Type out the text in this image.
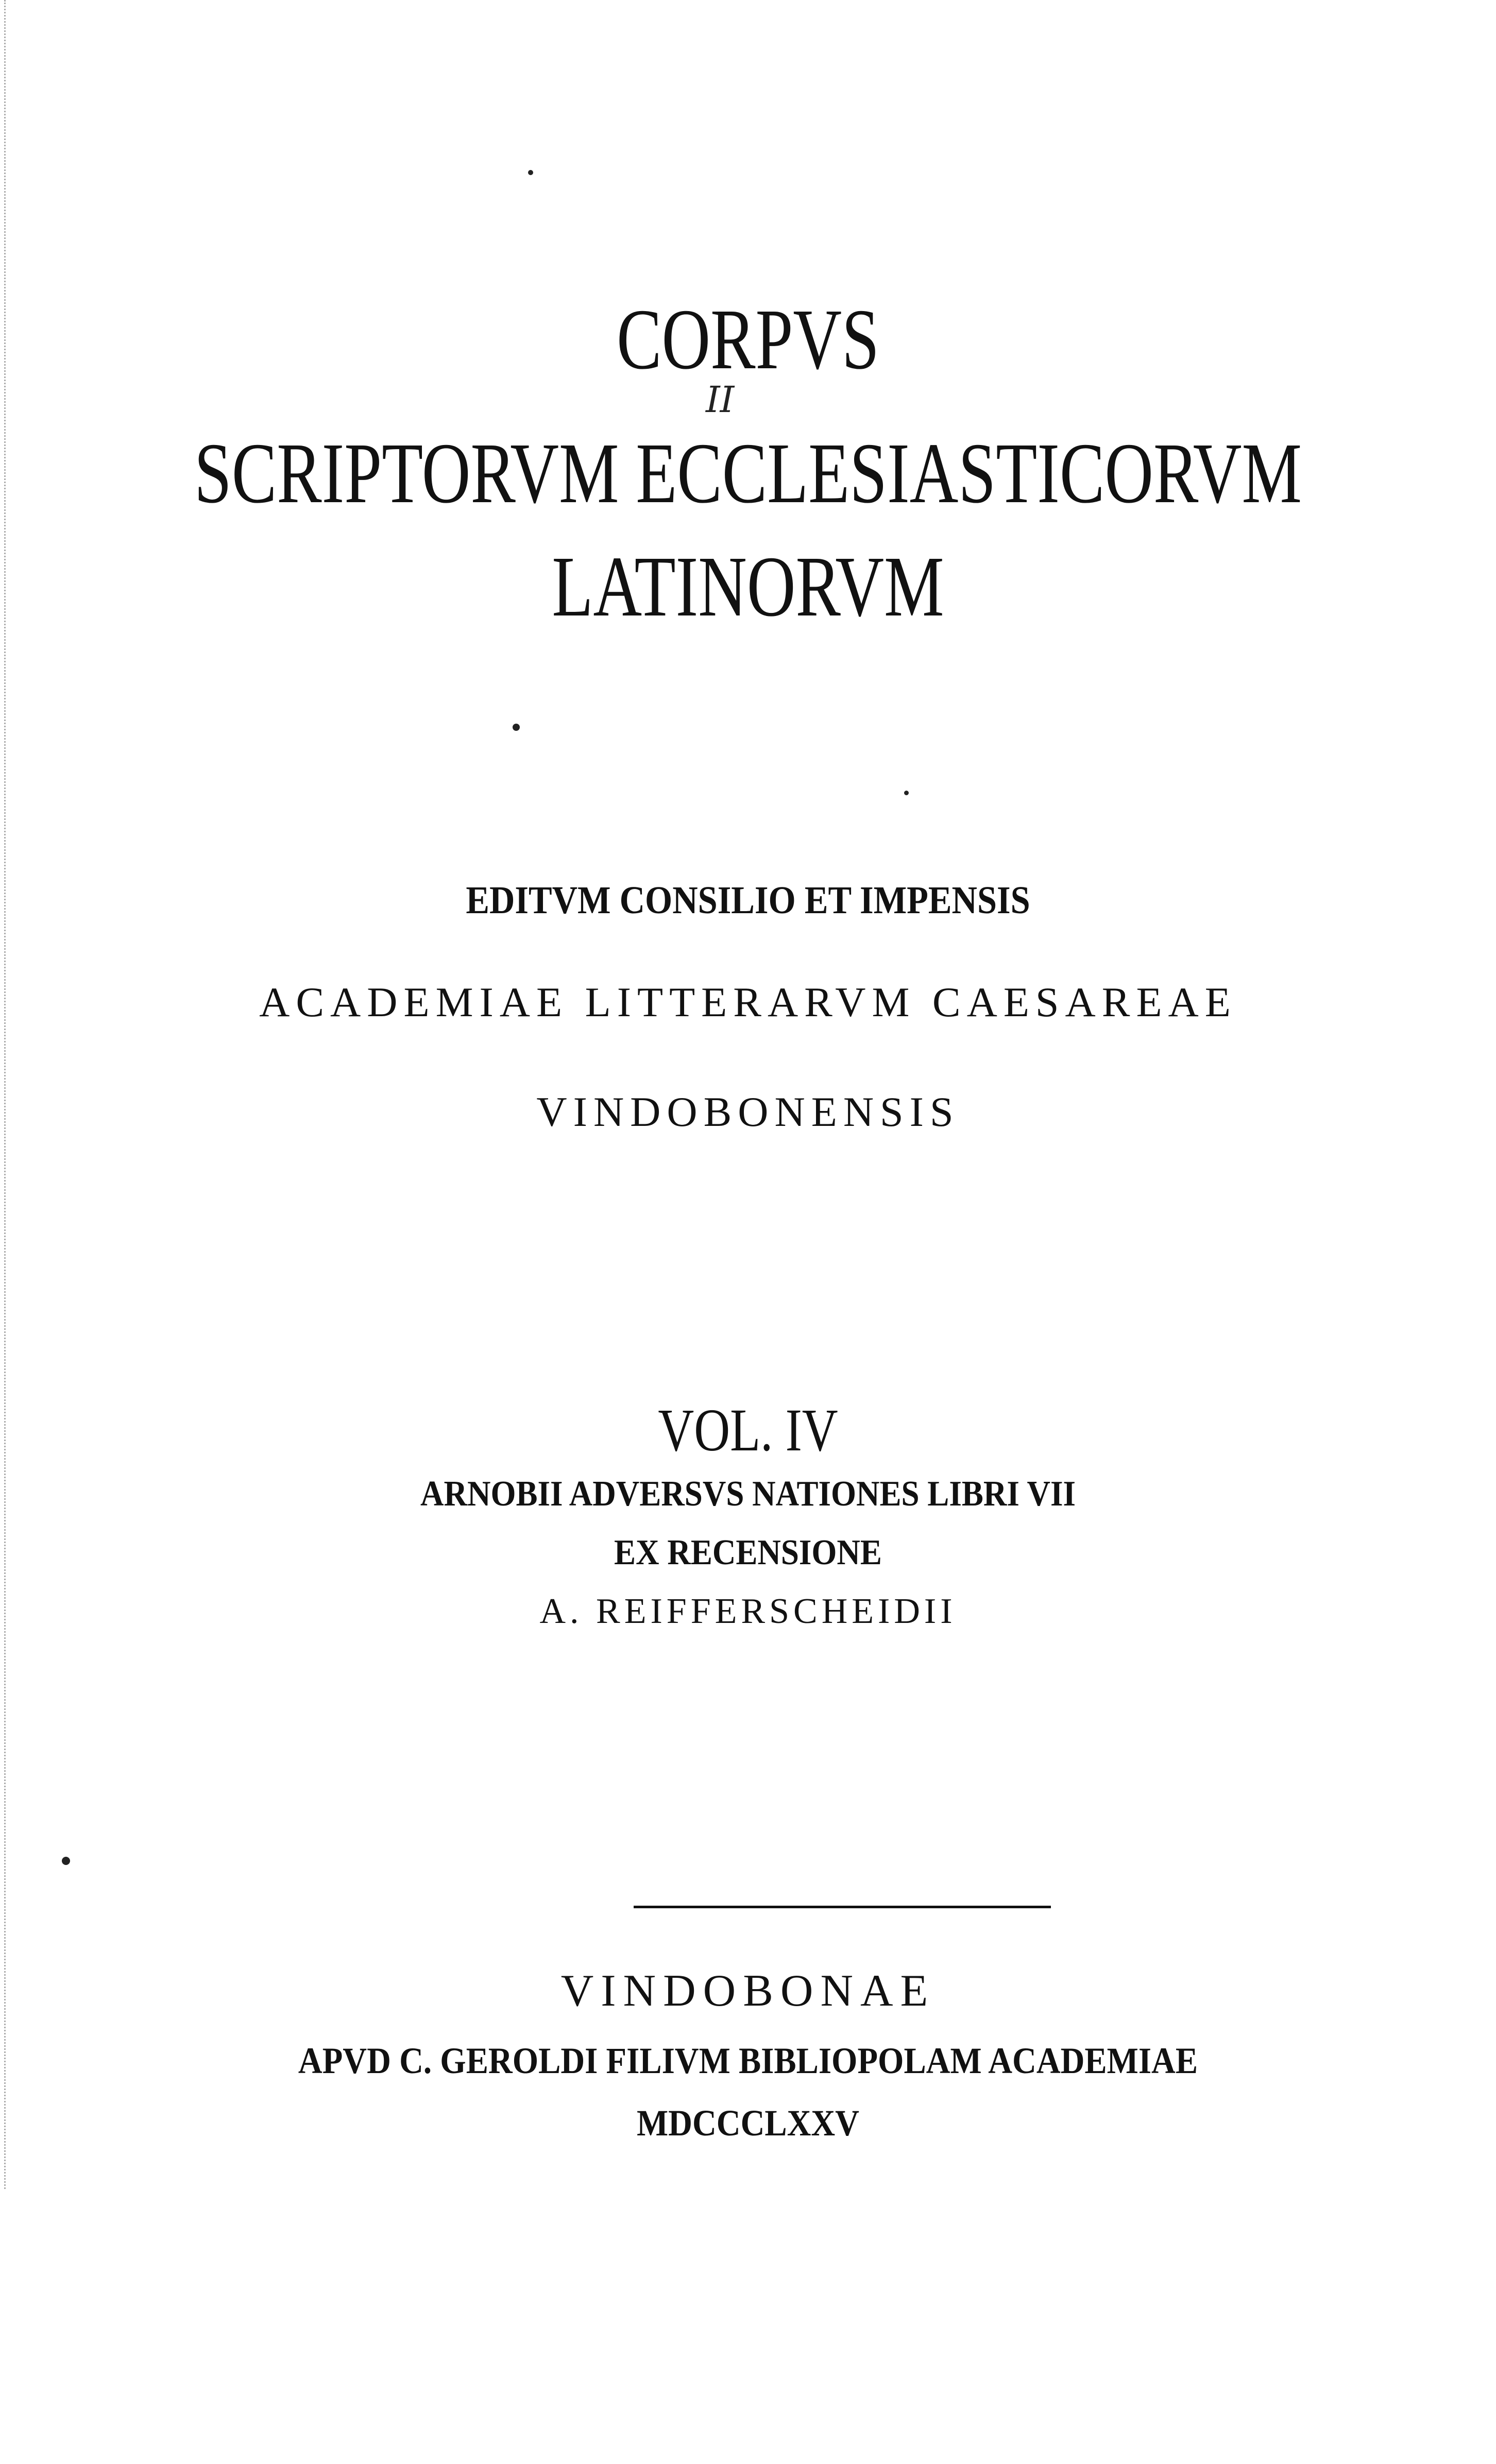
CORPVS
II
SCRIPTORVM ECCLESIASTICORVM
LATINORVM
EDITVM CONSILIO ET IMPENSIS
ACADEMIAE LITTERARVM CAESAREAE
VINDOBONENSIS
VOL. IV
ARNOBII ADVERSVS NATIONES LIBRI VII
EX RECENSIONE
A. REIFFERSCHEIDII
VINDOBONAE
APVD C. GEROLDI FILIVM BIBLIOPOLAM ACADEMIAE
MDCCCLXXV
